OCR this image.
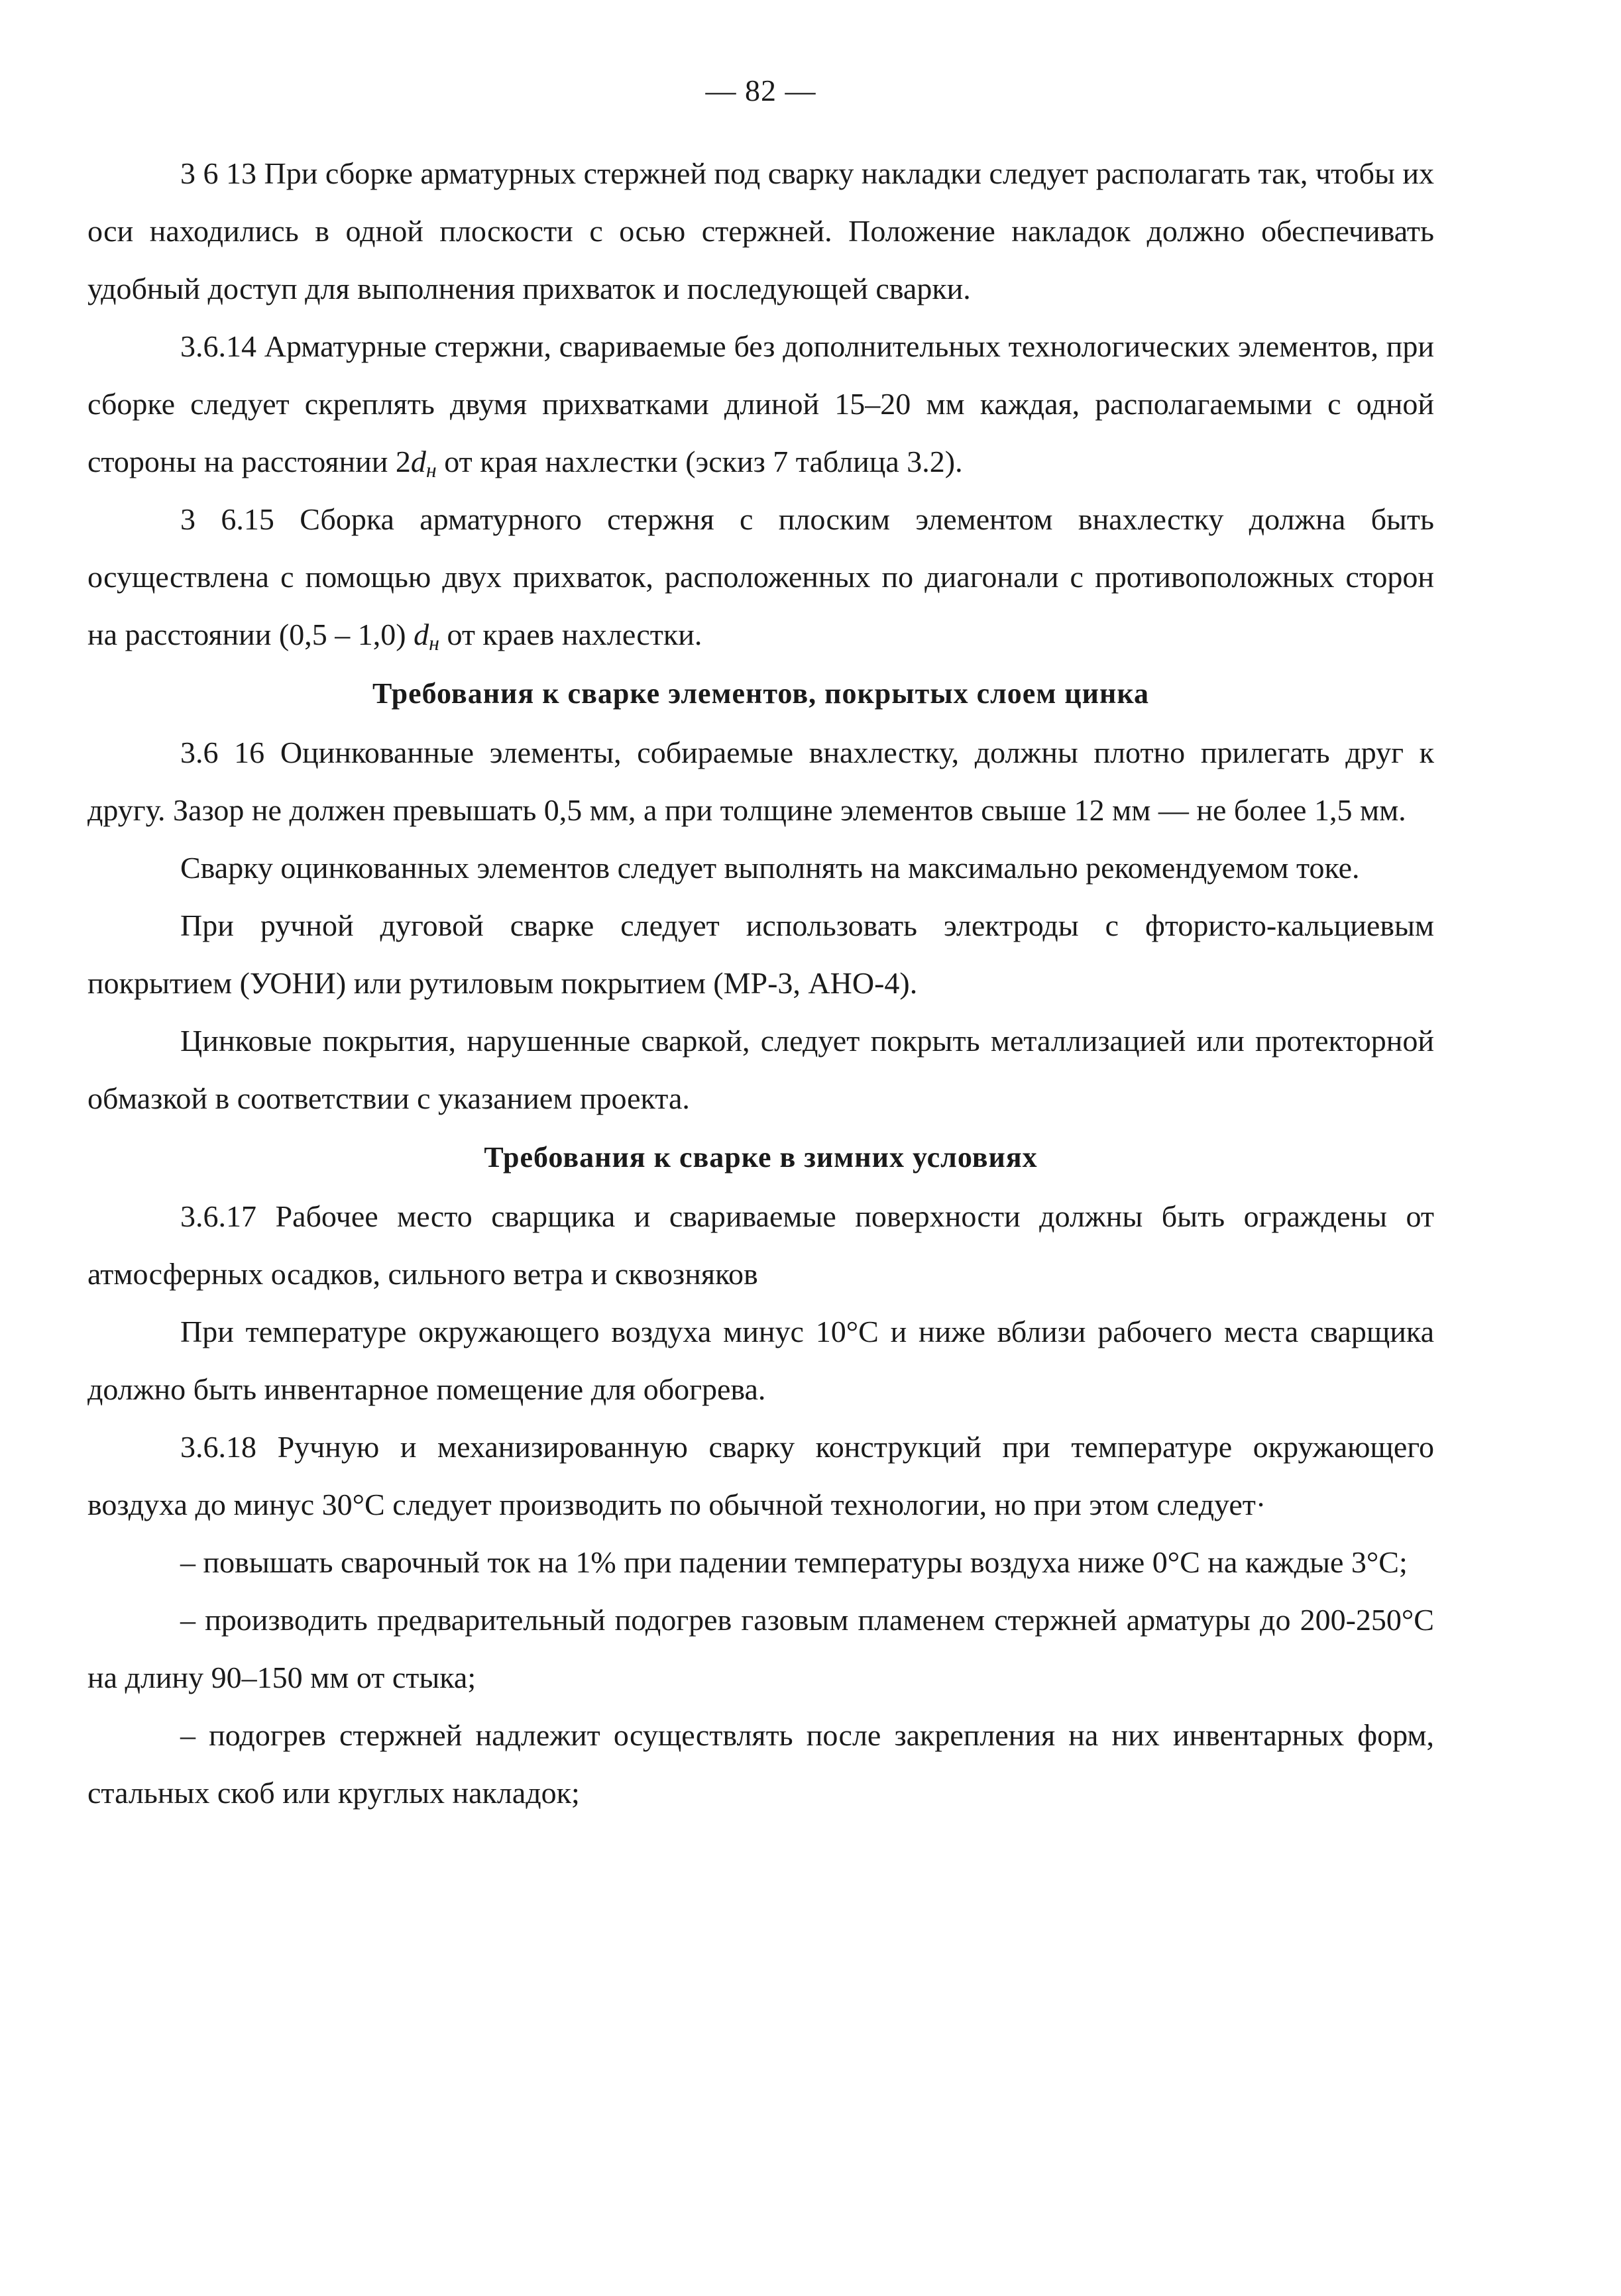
— 82 —

3 6 13 При сборке арматурных стержней под сварку накладки следует располагать так, чтобы их оси находились в одной плоскости с осью стержней. Положение накладок должно обеспечивать удобный доступ для выполнения прихваток и последующей сварки.

3.6.14 Арматурные стержни, свариваемые без дополнительных технологических элементов, при сборке следует скреплять двумя прихватками длиной 15–20 мм каждая, располагаемыми с одной стороны на расстоянии $2d_н$ от края нахлестки (эскиз 7 таблица 3.2).

3 6.15 Сборка арматурного стержня с плоским элементом внахлестку должна быть осуществлена с помощью двух прихваток, расположенных по диагонали с противоположных сторон на расстоянии (0,5 – 1,0) $d_н$ от краев нахлестки.

Требования к сварке элементов, покрытых слоем цинка

3.6 16 Оцинкованные элементы, собираемые внахлестку, должны плотно прилегать друг к другу. Зазор не должен превышать 0,5 мм, а при толщине элементов свыше 12 мм — не более 1,5 мм.

Сварку оцинкованных элементов следует выполнять на максимально рекомендуемом токе.

При ручной дуговой сварке следует использовать электроды с фтористо-кальциевым покрытием (УОНИ) или рутиловым покрытием (МР-3, АНО-4).

Цинковые покрытия, нарушенные сваркой, следует покрыть металлизацией или протекторной обмазкой в соответствии с указанием проекта.

Требования к сварке в зимних условиях

3.6.17 Рабочее место сварщика и свариваемые поверхности должны быть ограждены от атмосферных осадков, сильного ветра и сквозняков

При температуре окружающего воздуха минус 10°С и ниже вблизи рабочего места сварщика должно быть инвентарное помещение для обогрева.

3.6.18 Ручную и механизированную сварку конструкций при температуре окружающего воздуха до минус 30°С следует производить по обычной технологии, но при этом следует·

– повышать сварочный ток на 1% при падении температуры воздуха ниже 0°С на каждые 3°С;

– производить предварительный подогрев газовым пламенем стержней арматуры до 200-250°С на длину 90–150 мм от стыка;

– подогрев стержней надлежит осуществлять после закрепления на них инвентарных форм, стальных скоб или круглых накладок;
